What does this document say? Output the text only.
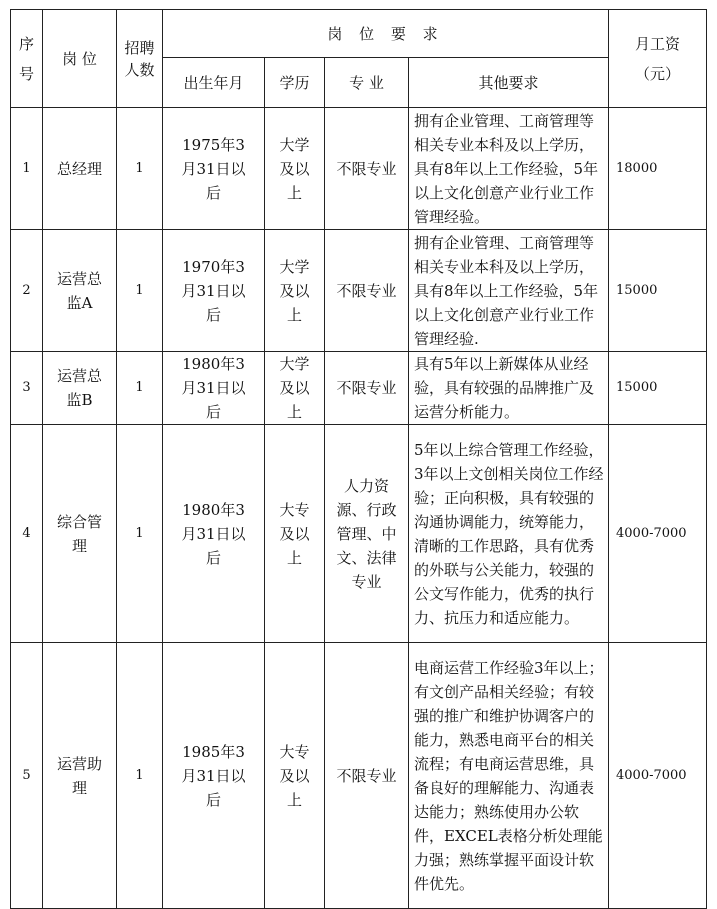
序号	岗 位	招聘人数	岗 位 要 求				月工资（元）

			出生年月	学历	专 业	其他要求	
1	总经理	1	1975年3月31日以后	大学及以上	不限专业	拥有企业管理、工商管理等相关专业本科及以上学历，具有8年以上工作经验，5年以上文化创意产业行业工作管理经验。	18000
2	运营总监A	1	1970年3月31日以后	大学及以上	不限专业	拥有企业管理、工商管理等相关专业本科及以上学历，具有8年以上工作经验，5年以上文化创意产业行业工作管理经验.	15000
3	运营总监B	1	1980年3月31日以后	大学及以上	不限专业	具有5年以上新媒体从业经验，具有较强的品牌推广及运营分析能力。	15000
4	综合管理	1	1980年3月31日以后	大专及以上	人力资源、行政管理、中文、法律专业	5年以上综合管理工作经验，3年以上文创相关岗位工作经验；正向积极，具有较强的沟通协调能力，统筹能力，清晰的工作思路，具有优秀的外联与公关能力，较强的公文写作能力，优秀的执行力、抗压力和适应能力。	4000-7000
5	运营助理	1	1985年3月31日以后	大专及以上	不限专业	电商运营工作经验3年以上；有文创产品相关经验；有较强的推广和维护协调客户的能力，熟悉电商平台的相关流程；有电商运营思维，具备良好的理解能力、沟通表达能力；熟练使用办公软件，EXCEL表格分析处理能力强；熟练掌握平面设计软件优先。	4000-7000
